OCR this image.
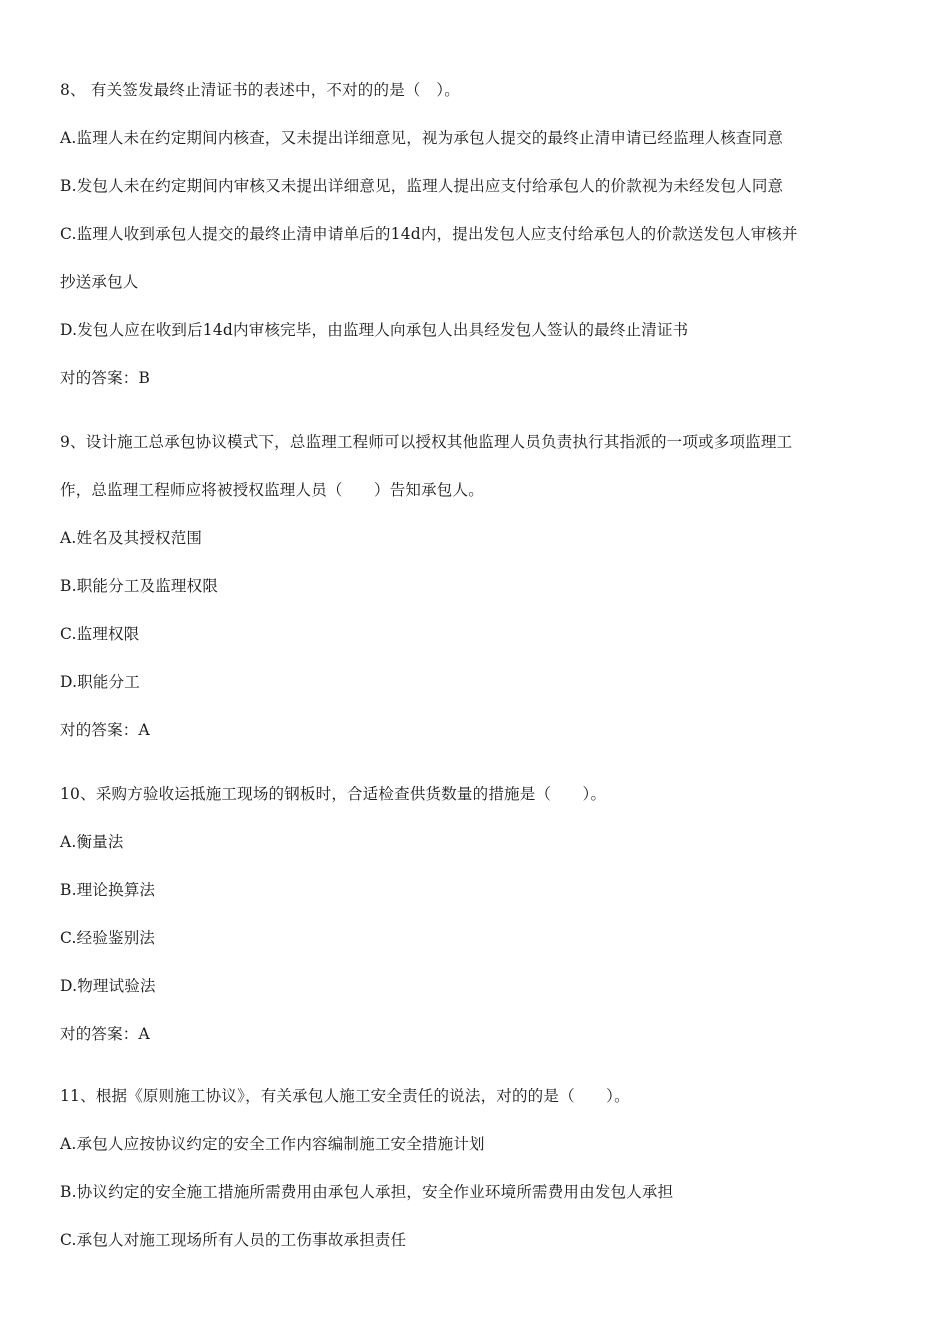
8、 有关签发最终止清证书的表述中，不对的的是（　）。
A.监理人未在约定期间内核查，又未提出详细意见，视为承包人提交的最终止清申请已经监理人核查同意
B.发包人未在约定期间内审核又未提出详细意见，监理人提出应支付给承包人的价款视为未经发包人同意
C.监理人收到承包人提交的最终止清申请单后的14d内，提出发包人应支付给承包人的价款送发包人审核并
抄送承包人
D.发包人应在收到后14d内审核完毕，由监理人向承包人出具经发包人签认的最终止清证书
对的答案：B
9、设计施工总承包协议模式下，总监理工程师可以授权其他监理人员负责执行其指派的一项或多项监理工
作，总监理工程师应将被授权监理人员（　　）告知承包人。
A.姓名及其授权范围
B.职能分工及监理权限
C.监理权限
D.职能分工
对的答案：A
10、采购方验收运抵施工现场的钢板时，合适检查供货数量的措施是（　　）。
A.衡量法
B.理论换算法
C.经验鉴别法
D.物理试验法
对的答案：A
11、根据《原则施工协议》，有关承包人施工安全责任的说法，对的的是（　　）。
A.承包人应按协议约定的安全工作内容编制施工安全措施计划
B.协议约定的安全施工措施所需费用由承包人承担，安全作业环境所需费用由发包人承担
C.承包人对施工现场所有人员的工伤事故承担责任
